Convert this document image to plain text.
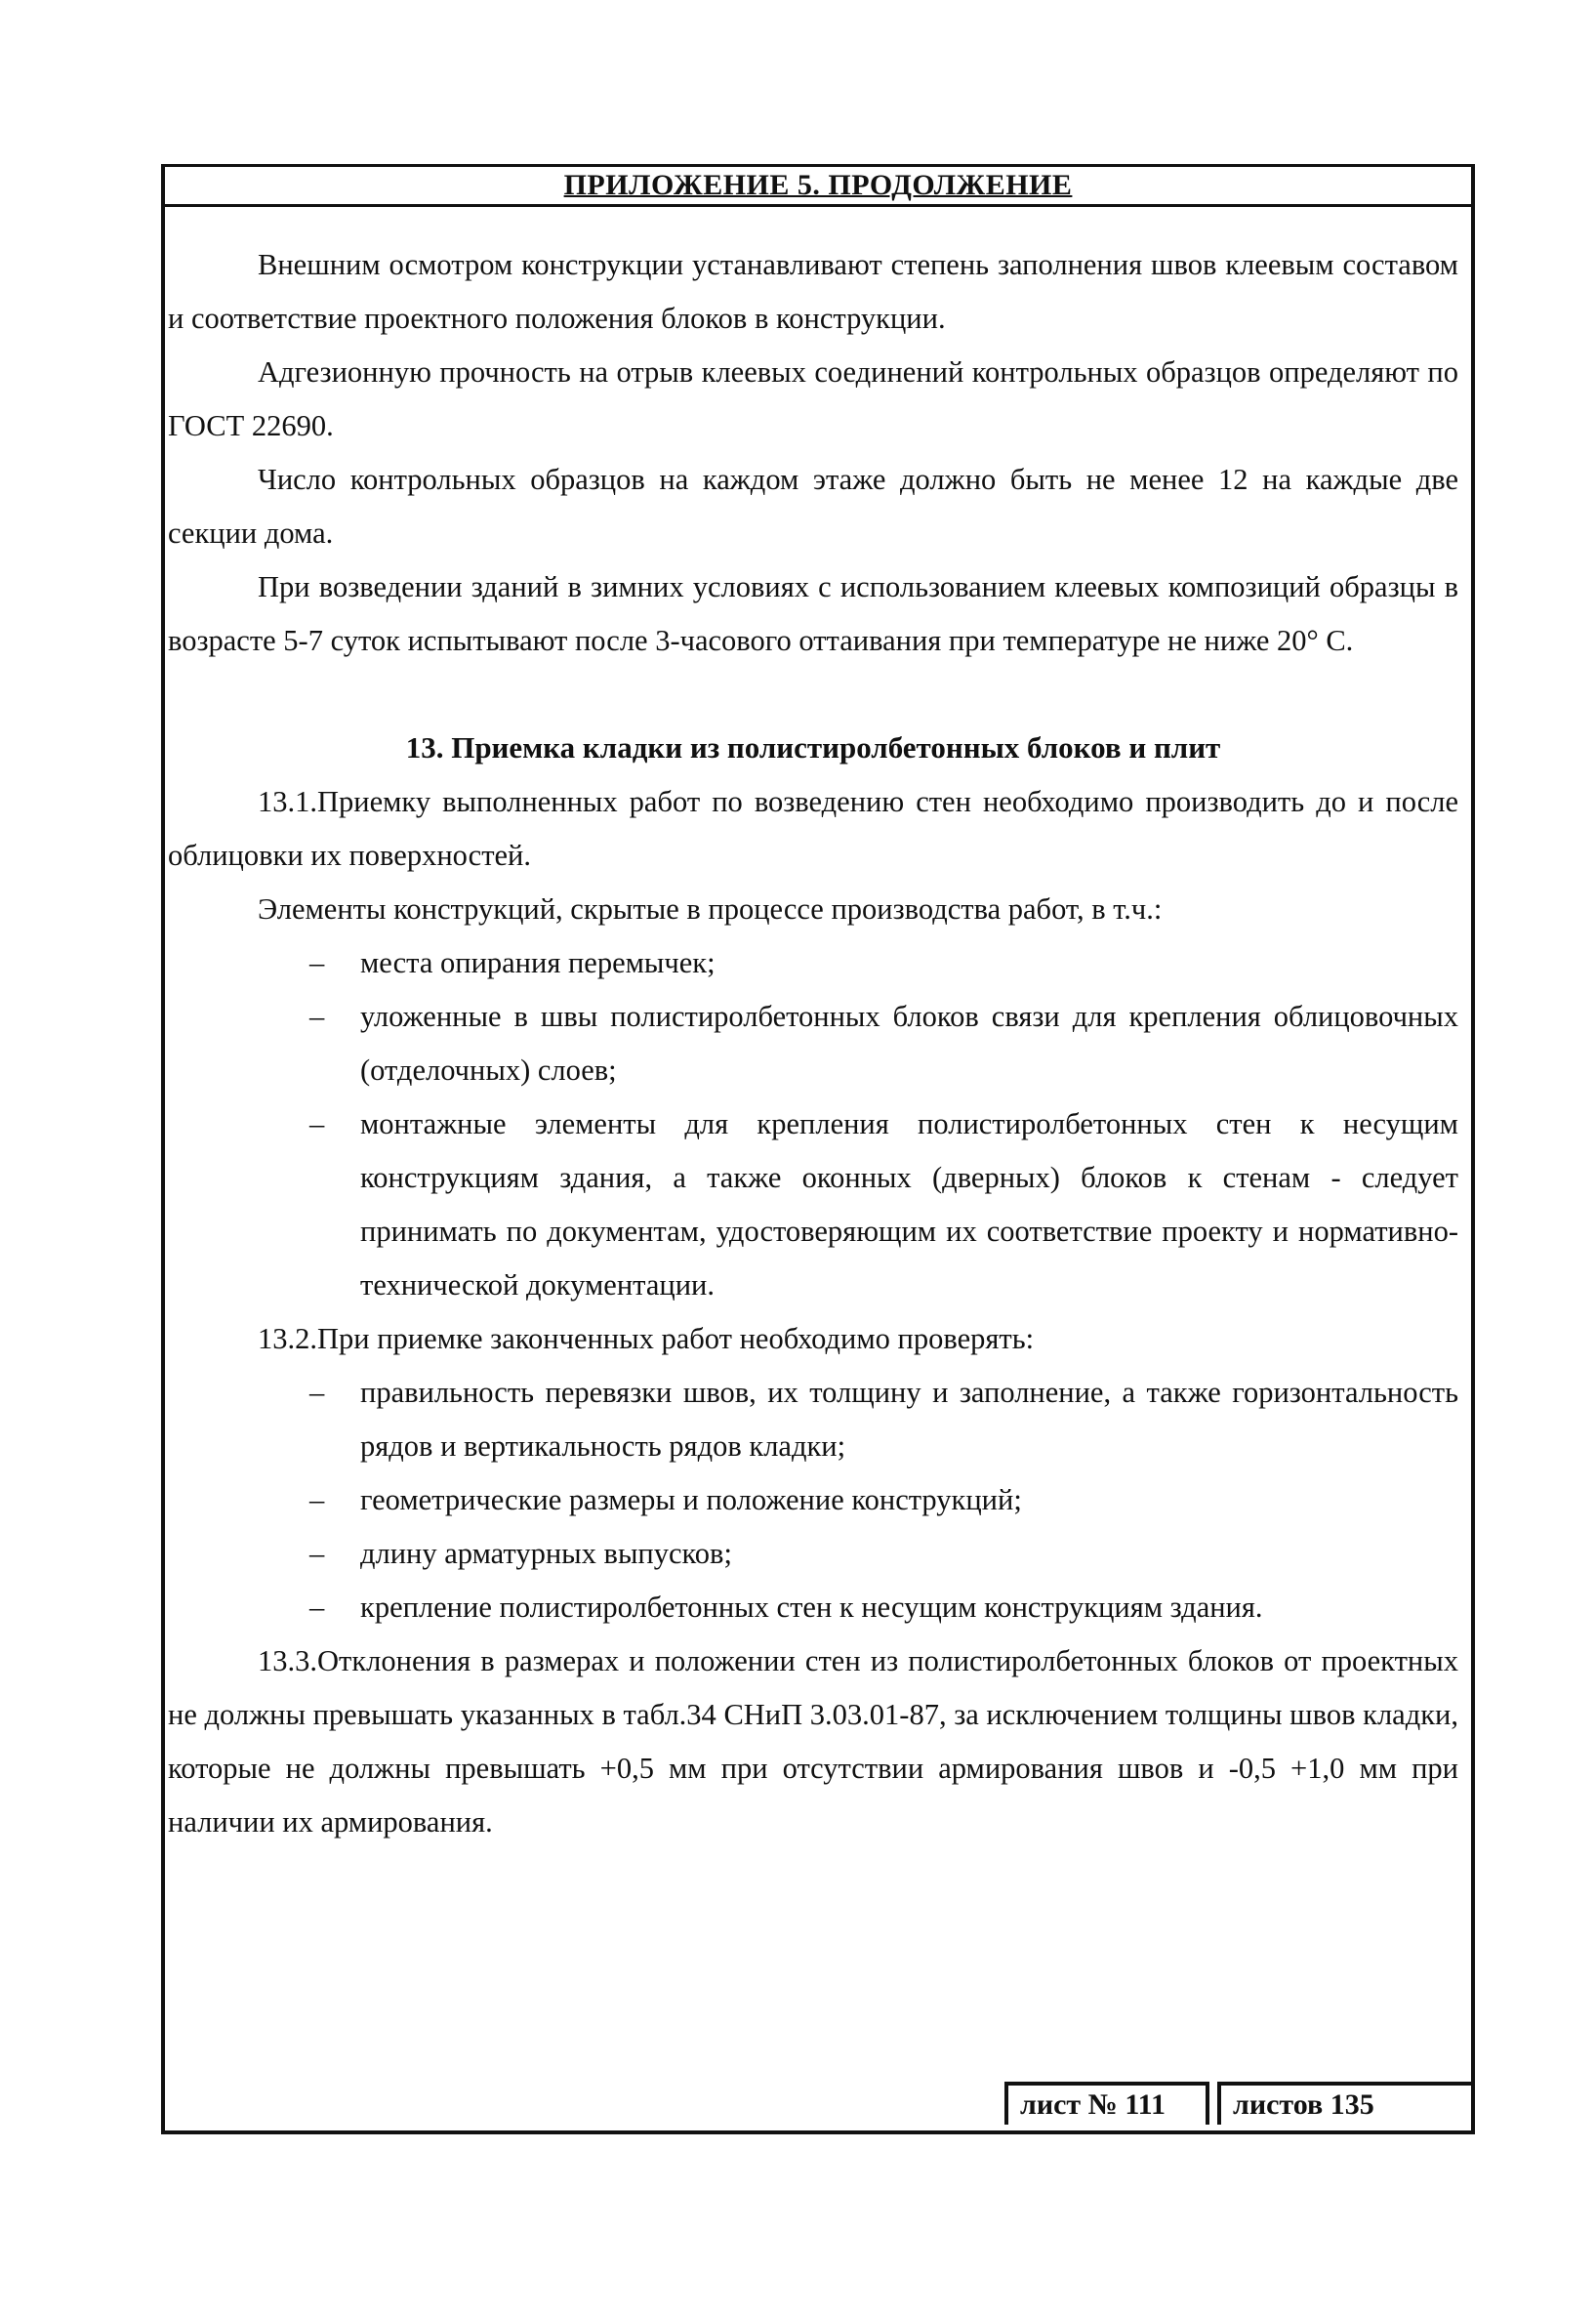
ПРИЛОЖЕНИЕ 5. ПРОДОЛЖЕНИЕ

Внешним осмотром конструкции устанавливают степень заполнения швов клеевым составом и соответствие проектного положения блоков в конструкции.

Адгезионную прочность на отрыв клеевых соединений контрольных образцов определяют по ГОСТ 22690.

Число контрольных образцов на каждом этаже должно быть не менее 12 на каждые две секции дома.

При возведении зданий в зимних условиях с использованием клеевых композиций образцы в возрасте 5-7 суток испытывают после 3-часового оттаивания при температуре не ниже 20° С.

13. Приемка кладки из полистиролбетонных блоков и плит

13.1.Приемку выполненных работ по возведению стен необходимо производить до и после облицовки их поверхностей.

Элементы конструкций, скрытые в процессе производства работ, в т.ч.:

– места опирания перемычек;
– уложенные в швы полистиролбетонных блоков связи для крепления облицовочных (отделочных) слоев;
– монтажные элементы для крепления полистиролбетонных стен к несущим конструкциям здания, а также оконных (дверных) блоков к стенам - следует принимать по документам, удостоверяющим их соответствие проекту и нормативно-технической документации.

13.2.При приемке законченных работ необходимо проверять:

– правильность перевязки швов, их толщину и заполнение, а также горизонтальность рядов и вертикальность рядов кладки;
– геометрические размеры и положение конструкций;
– длину арматурных выпусков;
– крепление полистиролбетонных стен к несущим конструкциям здания.

13.3.Отклонения в размерах и положении стен из полистиролбетонных блоков от проектных не должны превышать указанных в табл.34 СНиП 3.03.01-87, за исключением толщины швов кладки, которые не должны превышать +0,5 мм при отсутствии армирования швов и -0,5 +1,0 мм при наличии их армирования.

лист № 111	листов 135
